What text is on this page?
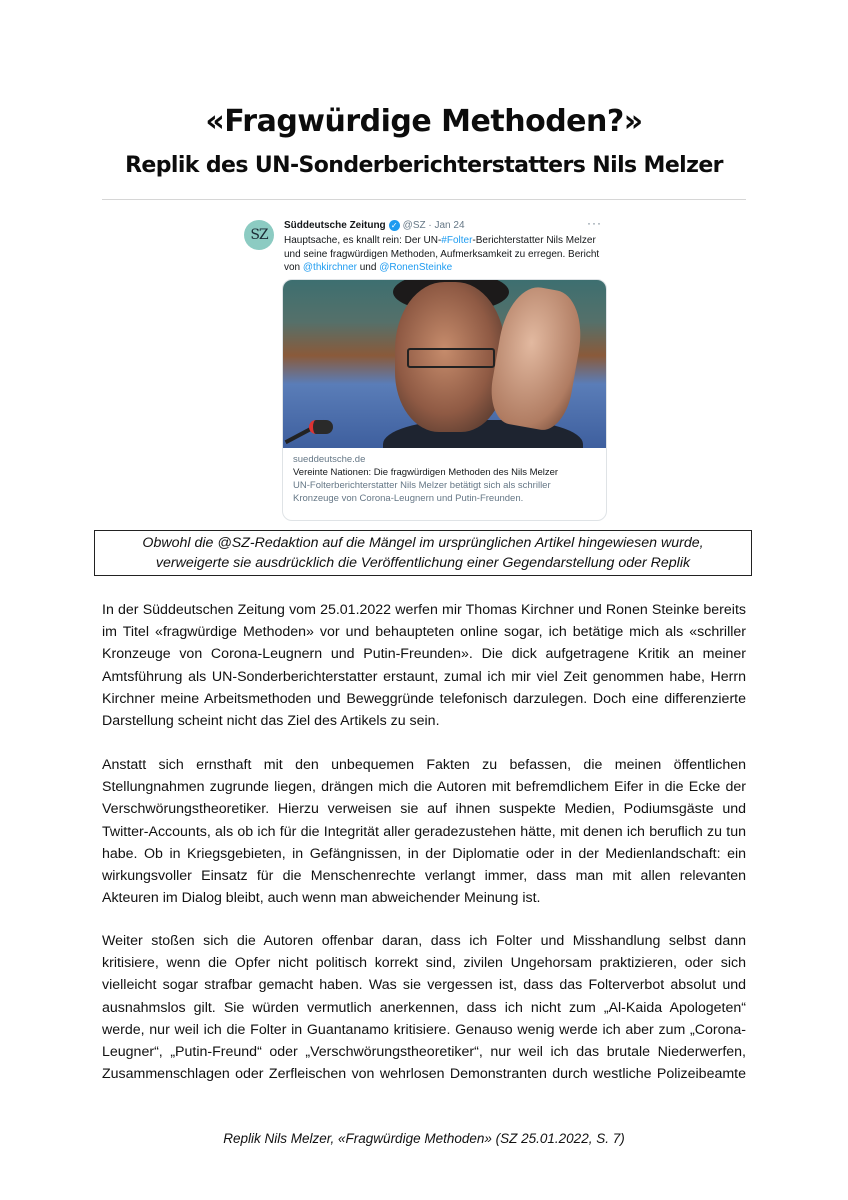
«Fragwürdige Methoden?»
Replik des UN-Sonderberichterstatters Nils Melzer
SZ
Süddeutsche Zeitung ✓ @SZ · Jan 24	···
Hauptsache, es knallt rein: Der UN-#Folter-Berichterstatter Nils Melzer und seine fragwürdigen Methoden, Aufmerksamkeit zu erregen. Bericht von @thkirchner und @RonenSteinke
sueddeutsche.de
Vereinte Nationen: Die fragwürdigen Methoden des Nils Melzer
UN-Folterberichterstatter Nils Melzer betätigt sich als schriller Kronzeuge von Corona-Leugnern und Putin-Freunden.
Obwohl die @SZ-Redaktion auf die Mängel im ursprünglichen Artikel hingewiesen wurde,
verweigerte sie ausdrücklich die Veröffentlichung einer Gegendarstellung oder Replik

In der Süddeutschen Zeitung vom 25.01.2022 werfen mir Thomas Kirchner und Ronen Steinke bereits im Titel «fragwürdige Methoden» vor und behaupteten online sogar, ich betätige mich als «schriller Kronzeuge von Corona-Leugnern und Putin-Freunden». Die dick aufgetragene Kritik an meiner Amtsführung als UN-Sonderberichterstatter erstaunt, zumal ich mir viel Zeit genommen habe, Herrn Kirchner meine Arbeitsmethoden und Beweggründe telefonisch darzulegen. Doch eine differenzierte Darstellung scheint nicht das Ziel des Artikels zu sein.

Anstatt sich ernsthaft mit den unbequemen Fakten zu befassen, die meinen öffentlichen Stellungnahmen zugrunde liegen, drängen mich die Autoren mit befremdlichem Eifer in die Ecke der Verschwörungstheoretiker. Hierzu verweisen sie auf ihnen suspekte Medien, Podiumsgäste und Twitter-Accounts, als ob ich für die Integrität aller geradezustehen hätte, mit denen ich beruflich zu tun habe. Ob in Kriegsgebieten, in Gefängnissen, in der Diplomatie oder in der Medienlandschaft: ein wirkungsvoller Einsatz für die Menschenrechte verlangt immer, dass man mit allen relevanten Akteuren im Dialog bleibt, auch wenn man abweichender Meinung ist.

Weiter stoßen sich die Autoren offenbar daran, dass ich Folter und Misshandlung selbst dann kritisiere, wenn die Opfer nicht politisch korrekt sind, zivilen Ungehorsam praktizieren, oder sich vielleicht sogar strafbar gemacht haben. Was sie vergessen ist, dass das Folterverbot absolut und ausnahmslos gilt. Sie würden vermutlich anerkennen, dass ich nicht zum „Al-Kaida Apologeten“ werde, nur weil ich die Folter in Guantanamo kritisiere. Genauso wenig werde ich aber zum „Corona-Leugner“, „Putin-Freund“ oder „Verschwörungstheoretiker“, nur weil ich das brutale Niederwerfen, Zusammenschlagen oder Zerfleischen von wehrlosen Demonstranten durch westliche Polizeibeamte

Replik Nils Melzer, «Fragwürdige Methoden» (SZ 25.01.2022, S. 7)
